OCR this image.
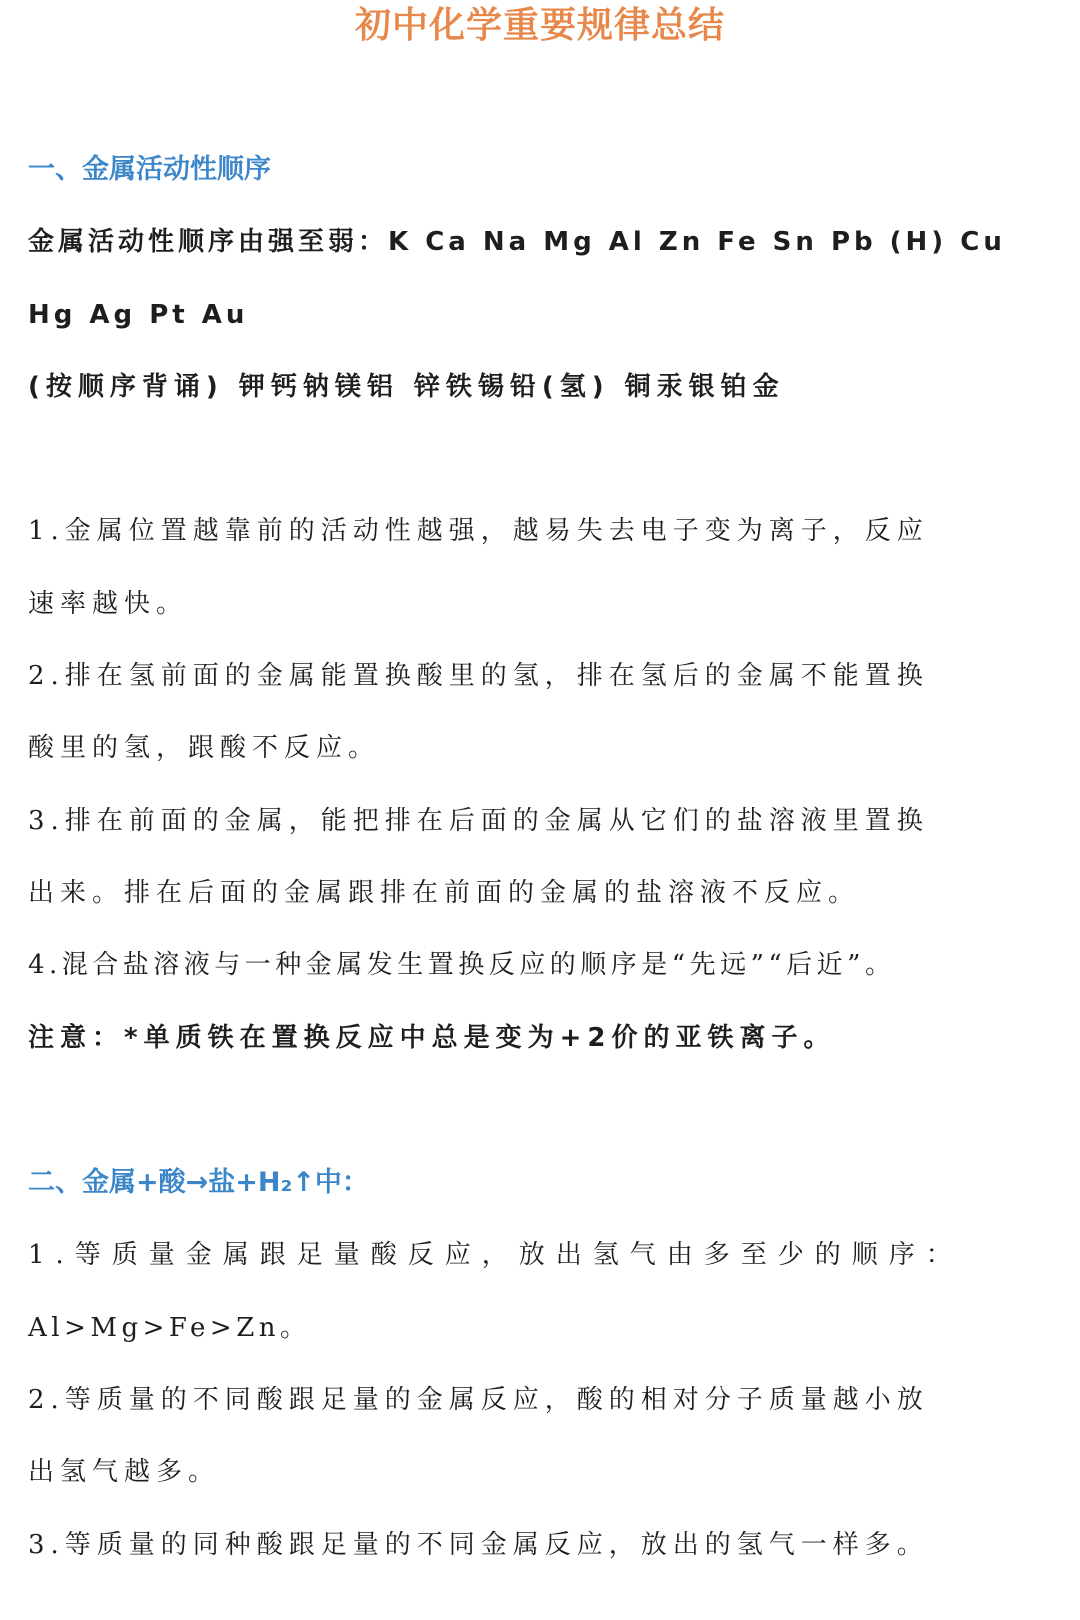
初中化学重要规律总结
一、金属活动性顺序
金属活动性顺序由强至弱：K Ca Na Mg Al Zn Fe Sn Pb (H) Cu
Hg Ag Pt Au
(按顺序背诵) 钾钙钠镁铝 锌铁锡铅(氢) 铜汞银铂金
1.金属位置越靠前的活动性越强，越易失去电子变为离子，反应
速率越快。
2.排在氢前面的金属能置换酸里的氢，排在氢后的金属不能置换
酸里的氢，跟酸不反应。
3.排在前面的金属，能把排在后面的金属从它们的盐溶液里置换
出来。排在后面的金属跟排在前面的金属的盐溶液不反应。
4.混合盐溶液与一种金属发生置换反应的顺序是“先远”“后近”。
注意：*单质铁在置换反应中总是变为+2价的亚铁离子。
二、金属+酸→盐+H₂↑中：
1.等质量金属跟足量酸反应，放出氢气由多至少的顺序：
Al>Mg>Fe>Zn。
2.等质量的不同酸跟足量的金属反应，酸的相对分子质量越小放
出氢气越多。
3.等质量的同种酸跟足量的不同金属反应，放出的氢气一样多。
